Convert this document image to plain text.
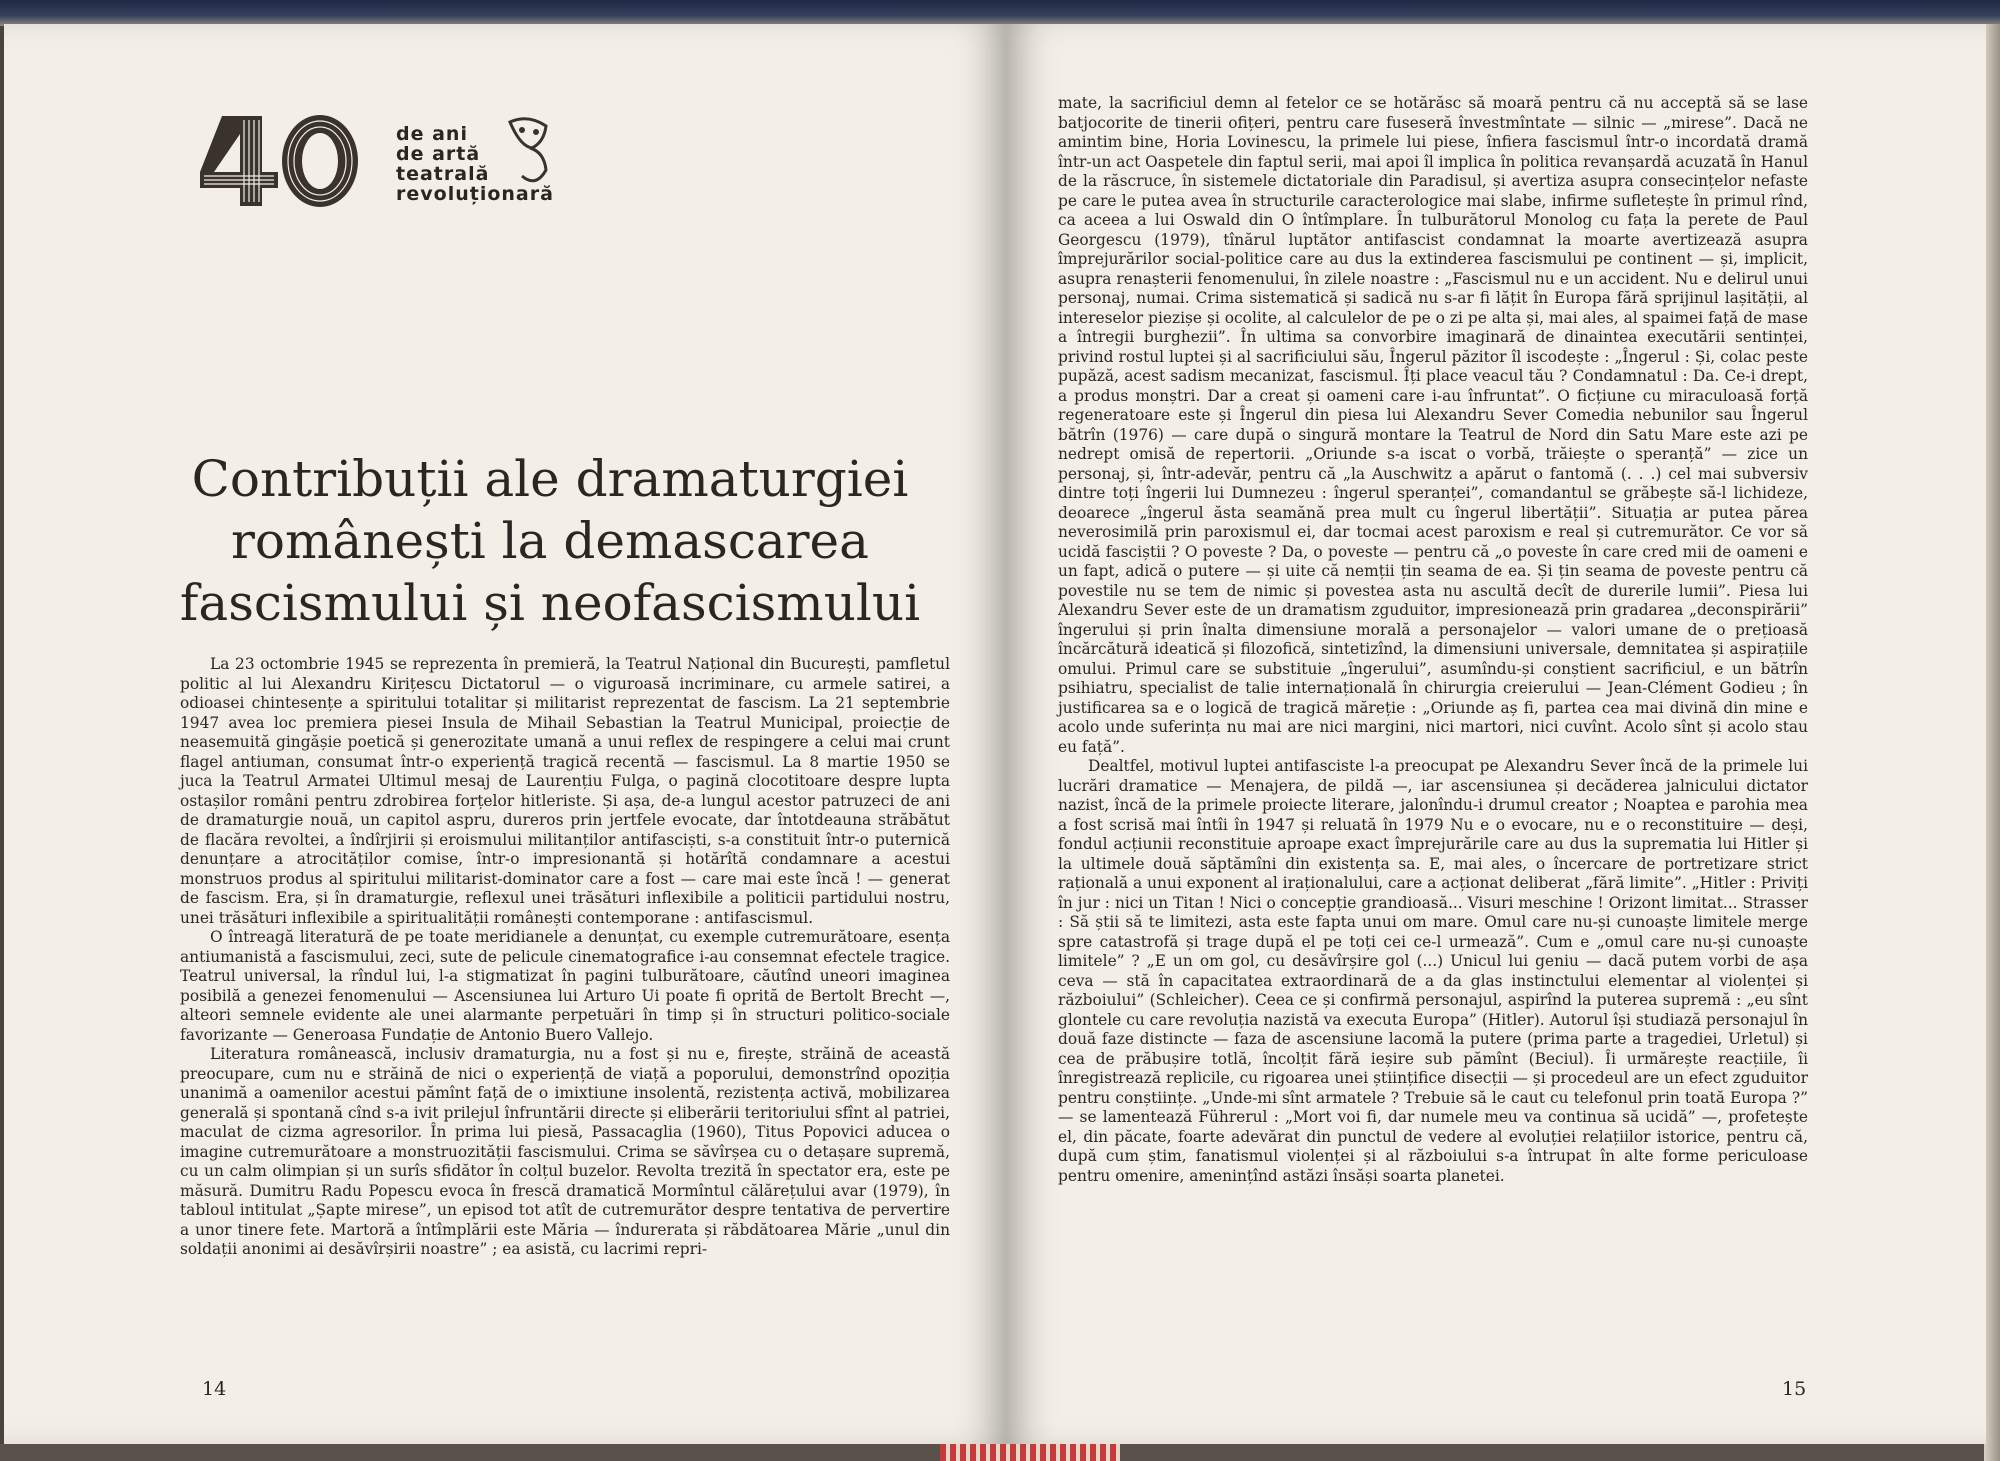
de ani
de artă
teatrală
revoluționară
Contribuții ale dramaturgiei
românești la demascarea
fascismului și neofascismului

La 23 octombrie 1945 se reprezenta în premieră, la Teatrul Național din București, pamfletul politic al lui Alexandru Kirițescu Dictatorul — o viguroasă incriminare, cu armele satirei, a odioasei chintesențe a spiritului totalitar și militarist reprezentat de fascism. La 21 septembrie 1947 avea loc premiera piesei Insula de Mihail Sebastian la Teatrul Municipal, proiecție de neasemuită gingășie poetică și generozitate umană a unui reflex de respingere a celui mai crunt flagel antiuman, consumat într-o experiență tragică recentă — fascismul. La 8 martie 1950 se juca la Teatrul Armatei Ultimul mesaj de Laurențiu Fulga, o pagină clocotitoare despre lupta ostașilor români pentru zdrobirea forțelor hitleriste. Și așa, de-a lungul acestor patruzeci de ani de dramaturgie nouă, un capitol aspru, dureros prin jertfele evocate, dar întotdeauna străbătut de flacăra revoltei, a îndîrjirii și eroismului militanților antifasciști, s-a constituit într-o puternică denunțare a atrocităților comise, într-o impresionantă și hotărîtă condamnare a acestui monstruos produs al spiritului militarist-dominator care a fost — care mai este încă ! — generat de fascism. Era, și în dramaturgie, reflexul unei trăsături inflexibile a politicii partidului nostru, unei trăsături inflexibile a spiritualității românești contemporane : antifascismul.

O întreagă literatură de pe toate meridianele a denunțat, cu exemple cutremurătoare, esența antiumanistă a fascismului, zeci, sute de pelicule cinematografice i-au consemnat efectele tragice. Teatrul universal, la rîndul lui, l-a stigmatizat în pagini tulburătoare, căutînd uneori imaginea posibilă a genezei fenomenului — Ascensiunea lui Arturo Ui poate fi oprită de Bertolt Brecht —, alteori semnele evidente ale unei alarmante perpetuări în timp și în structuri politico-sociale favorizante — Generoasa Fundație de Antonio Buero Vallejo.

Literatura românească, inclusiv dramaturgia, nu a fost și nu e, firește, străină de această preocupare, cum nu e străină de nici o experiență de viață a poporului, demonstrînd opoziția unanimă a oamenilor acestui pămînt față de o imixtiune insolentă, rezistența activă, mobilizarea generală și spontană cînd s-a ivit prilejul înfruntării directe și eliberării teritoriului sfînt al patriei, maculat de cizma agresorilor. În prima lui piesă, Passacaglia (1960), Titus Popovici aducea o imagine cutremurătoare a monstruozității fascismului. Crima se săvîrșea cu o detașare supremă, cu un calm olimpian și un surîs sfidător în colțul buzelor. Revolta trezită în spectator era, este pe măsură. Dumitru Radu Popescu evoca în frescă dramatică Mormîntul călărețului avar (1979), în tabloul intitulat „Șapte mirese”, un episod tot atît de cutremurător despre tentativa de pervertire a unor tinere fete. Martoră a întîmplării este Măria — îndurerata și răbdătoarea Mărie „unul din soldații anonimi ai desăvîrșirii noastre” ; ea asistă, cu lacrimi repri-

mate, la sacrificiul demn al fetelor ce se hotărăsc să moară pentru că nu acceptă să se lase batjocorite de tinerii ofițeri, pentru care fuseseră învestmîntate — silnic — „mirese”. Dacă ne amintim bine, Horia Lovinescu, la primele lui piese, înfiera fascismul într-o incordată dramă într-un act Oaspetele din faptul serii, mai apoi îl implica în politica revanșardă acuzată în Hanul de la răscruce, în sistemele dictatoriale din Paradisul, și avertiza asupra consecințelor nefaste pe care le putea avea în structurile caracterologice mai slabe, infirme sufletește în primul rînd, ca aceea a lui Oswald din O întîmplare. În tulburătorul Monolog cu fața la perete de Paul Georgescu (1979), tînărul luptător antifascist condamnat la moarte avertizează asupra împrejurărilor social-politice care au dus la extinderea fascismului pe continent — și, implicit, asupra renașterii fenomenului, în zilele noastre : „Fascismul nu e un accident. Nu e delirul unui personaj, numai. Crima sistematică și sadică nu s-ar fi lățit în Europa fără sprijinul lașității, al intereselor piezișe și ocolite, al calculelor de pe o zi pe alta și, mai ales, al spaimei față de mase a întregii burghezii”. În ultima sa convorbire imaginară de dinaintea executării sentinței, privind rostul luptei și al sacrificiului său, Îngerul păzitor îl iscodește : „Îngerul : Și, colac peste pupăză, acest sadism mecanizat, fascismul. Îți place veacul tău ? Condamnatul : Da. Ce-i drept, a produs monștri. Dar a creat și oameni care i-au înfruntat”. O ficțiune cu miraculoasă forță regeneratoare este și Îngerul din piesa lui Alexandru Sever Comedia nebunilor sau Îngerul bătrîn (1976) — care după o singură montare la Teatrul de Nord din Satu Mare este azi pe nedrept omisă de repertorii. „Oriunde s-a iscat o vorbă, trăiește o speranță” — zice un personaj, și, într-adevăr, pentru că „la Auschwitz a apărut o fantomă (. . .) cel mai subversiv dintre toți îngerii lui Dumnezeu : îngerul speranței”, comandantul se grăbește să-l lichideze, deoarece „îngerul ăsta seamănă prea mult cu îngerul libertății”. Situația ar putea părea neverosimilă prin paroxismul ei, dar tocmai acest paroxism e real și cutremurător. Ce vor să ucidă fasciștii ? O poveste ? Da, o poveste — pentru că „o poveste în care cred mii de oameni e un fapt, adică o putere — și uite că nemții țin seama de ea. Și țin seama de poveste pentru că povestile nu se tem de nimic și povestea asta nu ascultă decît de durerile lumii”. Piesa lui Alexandru Sever este de un dramatism zguduitor, impresionează prin gradarea „deconspirării” îngerului și prin înalta dimensiune morală a personajelor — valori umane de o prețioasă încărcătură ideatică și filozofică, sintetizînd, la dimensiuni universale, demnitatea și aspirațiile omului. Primul care se substituie „îngerului”, asumîndu-și conștient sacrificiul, e un bătrîn psihiatru, specialist de talie internațională în chirurgia creierului — Jean-Clément Godieu ; în justificarea sa e o logică de tragică măreție : „Oriunde aș fi, partea cea mai divină din mine e acolo unde suferința nu mai are nici margini, nici martori, nici cuvînt. Acolo sînt și acolo stau eu față”.

Dealtfel, motivul luptei antifasciste l-a preocupat pe Alexandru Sever încă de la primele lui lucrări dramatice — Menajera, de pildă —, iar ascensiunea și decăderea jalnicului dictator nazist, încă de la primele proiecte literare, jalonîndu-i drumul creator ; Noaptea e parohia mea a fost scrisă mai întîi în 1947 și reluată în 1979 Nu e o evocare, nu e o reconstituire — deși, fondul acțiunii reconstituie aproape exact împrejurările care au dus la suprematia lui Hitler și la ultimele două săptămîni din existența sa. E, mai ales, o încercare de portretizare strict rațională a unui exponent al iraționalului, care a acționat deliberat „fără limite”. „Hitler : Priviți în jur : nici un Titan ! Nici o concepție grandioasă... Visuri meschine ! Orizont limitat... Strasser : Să știi să te limitezi, asta este fapta unui om mare. Omul care nu-și cunoaște limitele merge spre catastrofă și trage după el pe toți cei ce-l urmează”. Cum e „omul care nu-și cunoaște limitele” ? „E un om gol, cu desăvîrșire gol (...) Unicul lui geniu — dacă putem vorbi de așa ceva — stă în capacitatea extraordinară de a da glas instinctului elementar al violenței și războiului” (Schleicher). Ceea ce și confirmă personajul, aspirînd la puterea supremă : „eu sînt glontele cu care revoluția nazistă va executa Europa” (Hitler). Autorul își studiază personajul în două faze distincte — faza de ascensiune lacomă la putere (prima parte a tragediei, Urletul) și cea de prăbușire totlă, încolțit fără ieșire sub pămînt (Beciul). Îi urmărește reacțiile, îi înregistrează replicile, cu rigoarea unei științifice disecții — și procedeul are un efect zguduitor pentru conștiințe. „Unde-mi sînt armatele ? Trebuie să le caut cu telefonul prin toată Europa ?” — se lamentează Führerul : „Mort voi fi, dar numele meu va continua să ucidă” —, profetește el, din păcate, foarte adevărat din punctul de vedere al evoluției relațiilor istorice, pentru că, după cum știm, fanatismul violenței și al războiului s-a întrupat în alte forme periculoase pentru omenire, amenințînd astăzi însăși soarta planetei.

14	15
